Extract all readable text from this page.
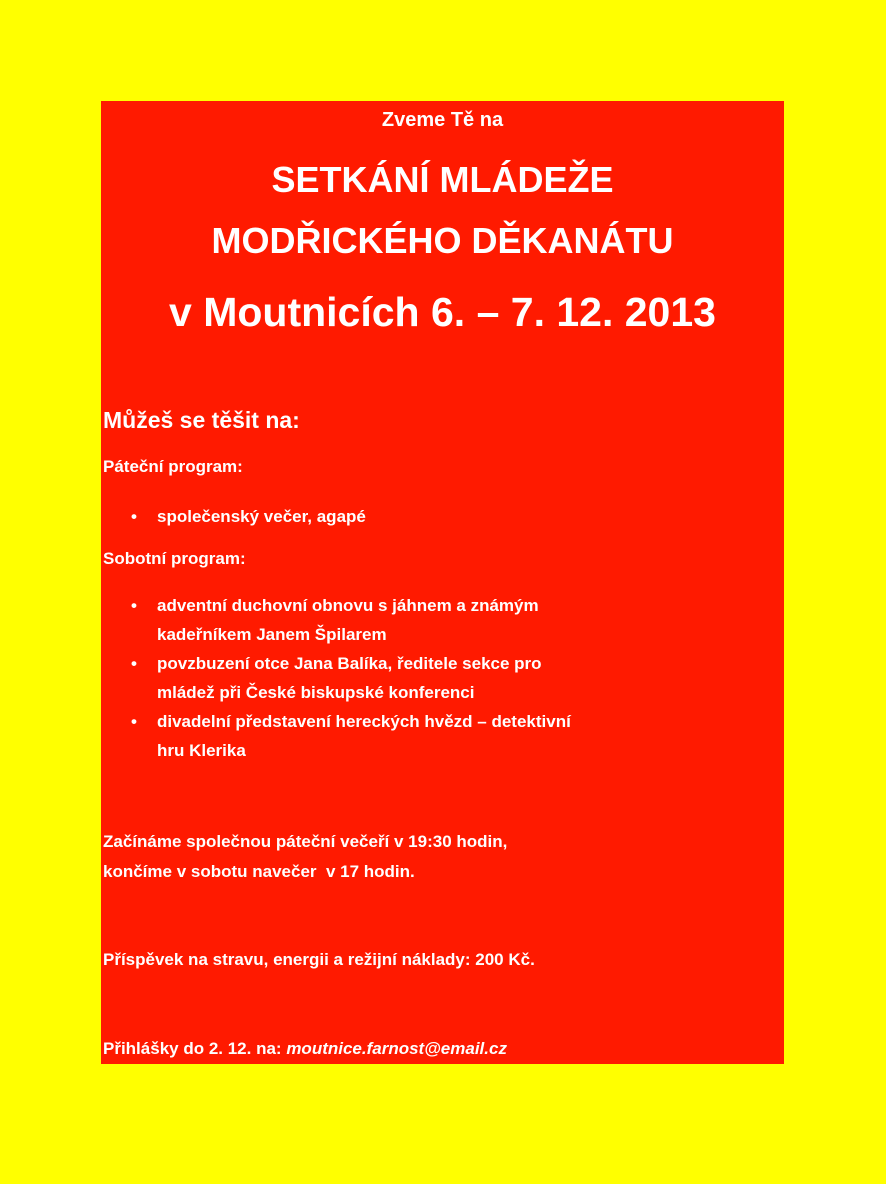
Zveme Tě na

SETKÁNÍ MLÁDEŽE

MODŘICKÉHO DĚKANÁTU

v Moutnicích 6. – 7. 12. 2013

Můžeš se těšit na:

Páteční program:

• společenský večer, agapé

Sobotní program:

• adventní duchovní obnovu s jáhnem a známým
kadeřníkem Janem Špilarem
• povzbuzení otce Jana Balíka, ředitele sekce pro
mládež při České biskupské konferenci
• divadelní představení hereckých hvězd – detektivní
hru Klerika
Začínáme společnou páteční večeří v 19:30 hodin,
končíme v sobotu navečer  v 17 hodin.
Příspěvek na stravu, energii a režijní náklady: 200 Kč.
Přihlášky do 2. 12. na: moutnice.farnost@email.cz
